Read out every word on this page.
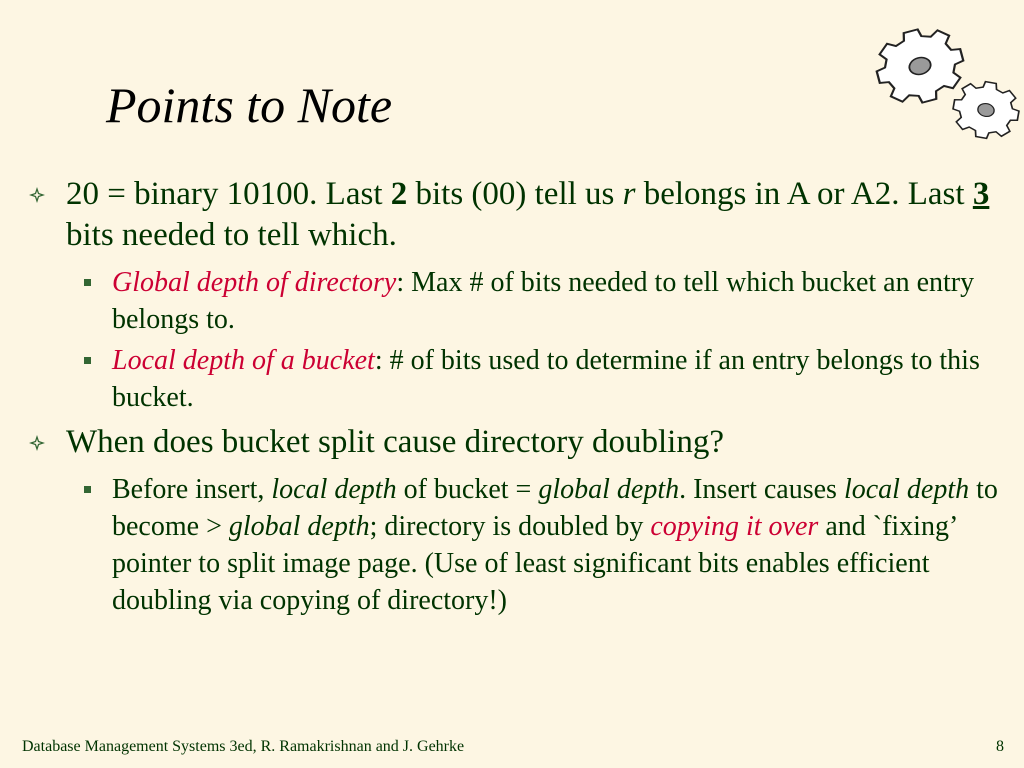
Points to Note
20 = binary 10100. Last 2 bits (00) tell us r belongs in A or A2. Last 3 bits needed to tell which.
Global depth of directory: Max # of bits needed to tell which bucket an entry belongs to.
Local depth of a bucket: # of bits used to determine if an entry belongs to this bucket.
When does bucket split cause directory doubling?
Before insert, local depth of bucket = global depth. Insert causes local depth to become > global depth; directory is doubled by copying it over and `fixing’ pointer to split image page. (Use of least significant bits enables efficient doubling via copying of directory!)
Database Management Systems 3ed, R. Ramakrishnan and J. Gehrke	8
